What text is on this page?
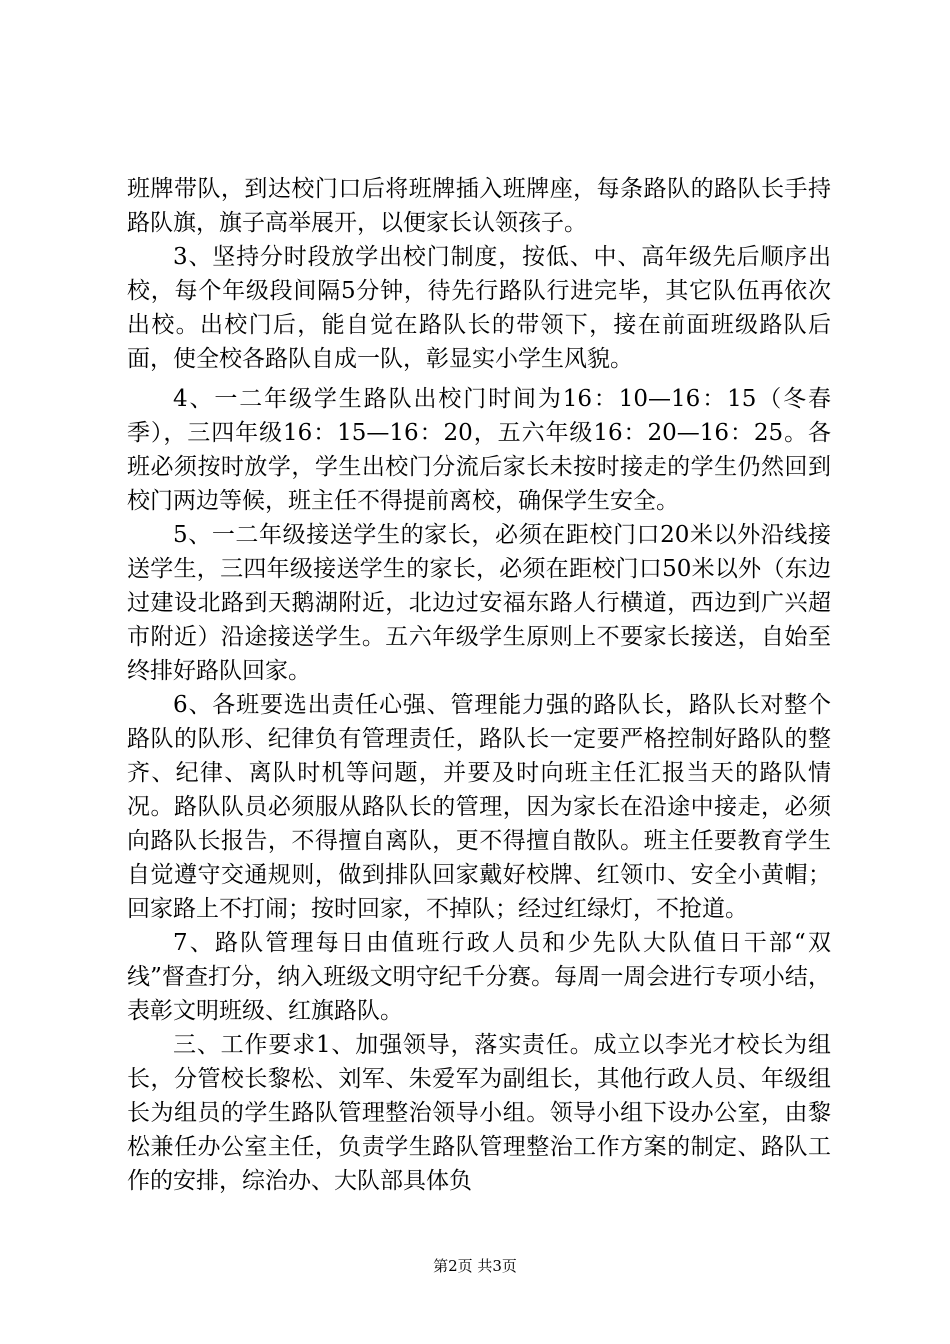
班牌带队，到达校门口后将班牌插入班牌座，每条路队的路队长手持路队旗，旗子高举展开，以便家长认领孩子。

3、坚持分时段放学出校门制度，按低、中、高年级先后顺序出校，每个年级段间隔5分钟，待先行路队行进完毕，其它队伍再依次出校。出校门后，能自觉在路队长的带领下，接在前面班级路队后面，使全校各路队自成一队，彰显实小学生风貌。

4、一二年级学生路队出校门时间为16：10—16：15（冬春季），三四年级16：15—16：20，五六年级16：20—16：25。各班必须按时放学，学生出校门分流后家长未按时接走的学生仍然回到校门两边等候，班主任不得提前离校，确保学生安全。

5、一二年级接送学生的家长，必须在距校门口20米以外沿线接送学生，三四年级接送学生的家长，必须在距校门口50米以外（东边过建设北路到天鹅湖附近，北边过安福东路人行横道，西边到广兴超市附近）沿途接送学生。五六年级学生原则上不要家长接送，自始至终排好路队回家。

6、各班要选出责任心强、管理能力强的路队长，路队长对整个路队的队形、纪律负有管理责任，路队长一定要严格控制好路队的整齐、纪律、离队时机等问题，并要及时向班主任汇报当天的路队情况。路队队员必须服从路队长的管理，因为家长在沿途中接走，必须向路队长报告，不得擅自离队，更不得擅自散队。班主任要教育学生自觉遵守交通规则，做到排队回家戴好校牌、红领巾、安全小黄帽；回家路上不打闹；按时回家，不掉队；经过红绿灯，不抢道。

7、路队管理每日由值班行政人员和少先队大队值日干部“双线”督查打分，纳入班级文明守纪千分赛。每周一周会进行专项小结，表彰文明班级、红旗路队。

三、工作要求1、加强领导，落实责任。成立以李光才校长为组长，分管校长黎松、刘军、朱爱军为副组长，其他行政人员、年级组长为组员的学生路队管理整治领导小组。领导小组下设办公室，由黎松兼任办公室主任，负责学生路队管理整治工作方案的制定、路队工作的安排，综治办、大队部具体负

第2页 共3页
